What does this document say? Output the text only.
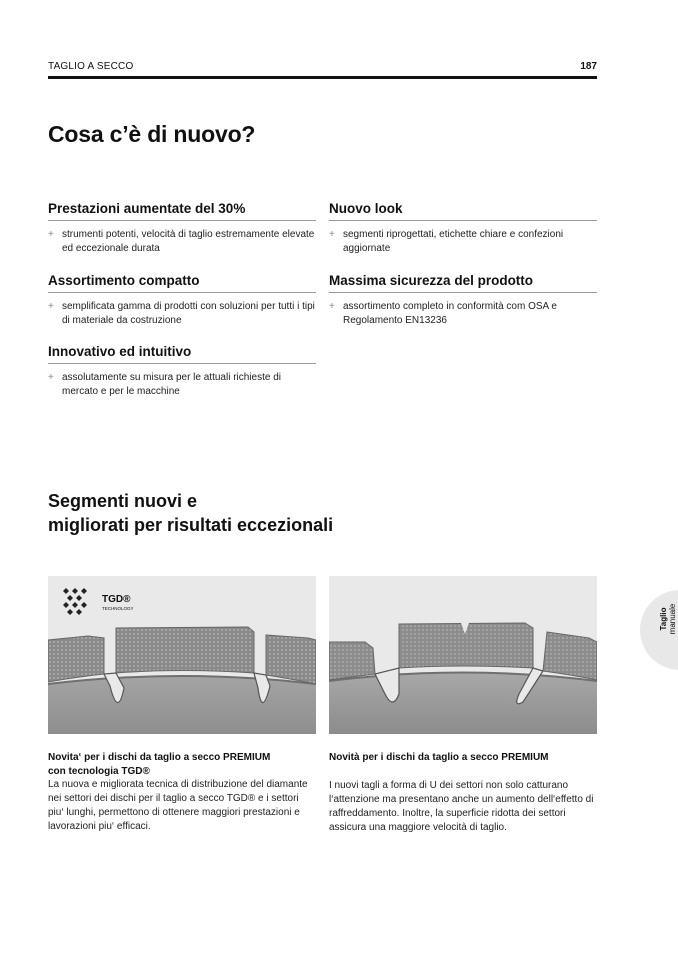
TAGLIO A SECCO	187
Cosa c’è di nuovo?
Prestazioni aumentate del 30%
+ strumenti potenti, velocità di taglio estremamente elevate ed eccezionale durata
Nuovo look
+ segmenti riprogettati, etichette chiare e confezioni aggiornate
Assortimento compatto
+ semplificata gamma di prodotti con soluzioni per tutti i tipi di materiale da costruzione
Massima sicurezza del prodotto
+ assortimento completo in conformità com OSA e Regolamento EN13236
Innovativo ed intuitivo
+ assolutamente su misura per le attuali richieste di mercato e per le macchine
Segmenti nuovi e
migliorati per risultati eccezionali
TGD®
TECHNOLOGY
Novita‘ per i dischi da taglio a secco PREMIUM
con tecnologia TGD®
La nuova e migliorata tecnica di distribuzione del diamante nei settori dei dischi per il taglio a secco TGD® e i settori piu‘ lunghi, permettono di ottenere maggiori prestazioni e lavorazioni piu‘ efficaci.
Novità per i dischi da taglio a secco PREMIUM
I nuovi tagli a forma di U dei settori non solo catturano l‘attenzione ma presentano anche un aumento dell‘effetto di raffreddamento. Inoltre, la superficie ridotta dei settori assicura una maggiore velocità di taglio.
Taglio manuale
